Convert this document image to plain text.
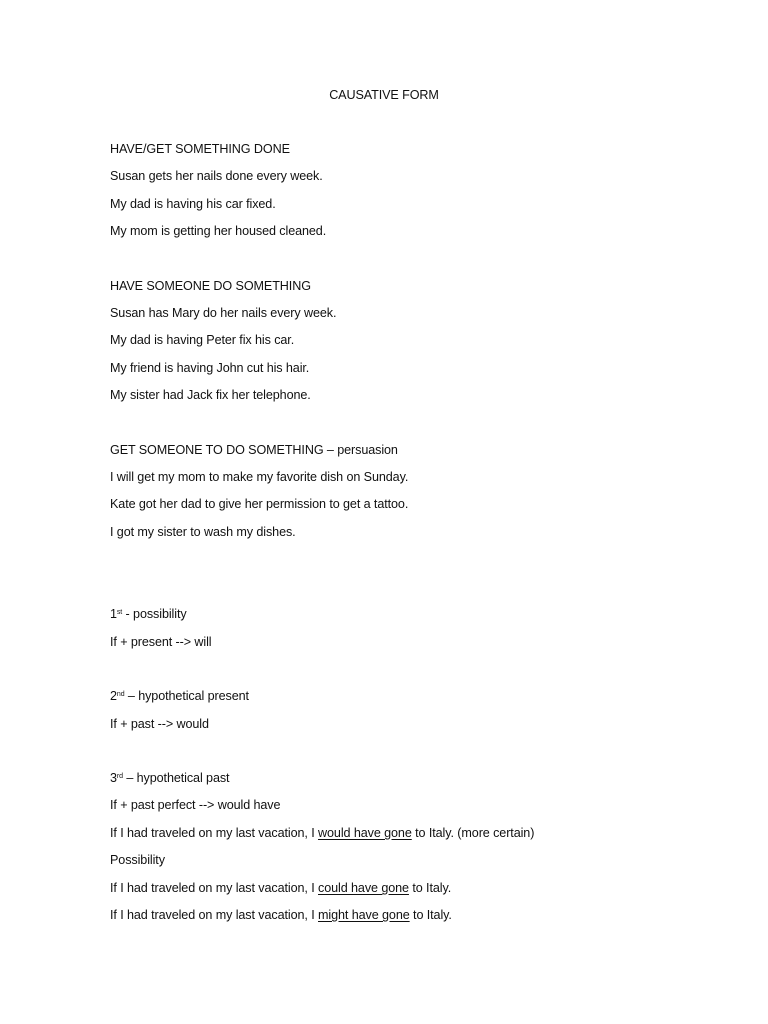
CAUSATIVE FORM
HAVE/GET SOMETHING DONE
Susan gets her nails done every week.
My dad is having his car fixed.
My mom is getting her housed cleaned.
HAVE SOMEONE DO SOMETHING
Susan has Mary do her nails every week.
My dad is having Peter fix his car.
My friend is having John cut his hair.
My sister had Jack fix her telephone.
GET SOMEONE TO DO SOMETHING – persuasion
I will get my mom to make my favorite dish on Sunday.
Kate got her dad to give her permission to get a tattoo.
I got my sister to wash my dishes.
1st - possibility
If + present --> will
2nd – hypothetical present
If + past --> would
3rd – hypothetical past
If + past perfect --> would have
If I had traveled on my last vacation, I would have gone to Italy. (more certain)
Possibility
If I had traveled on my last vacation, I could have gone to Italy.
If I had traveled on my last vacation, I might have gone to Italy.
